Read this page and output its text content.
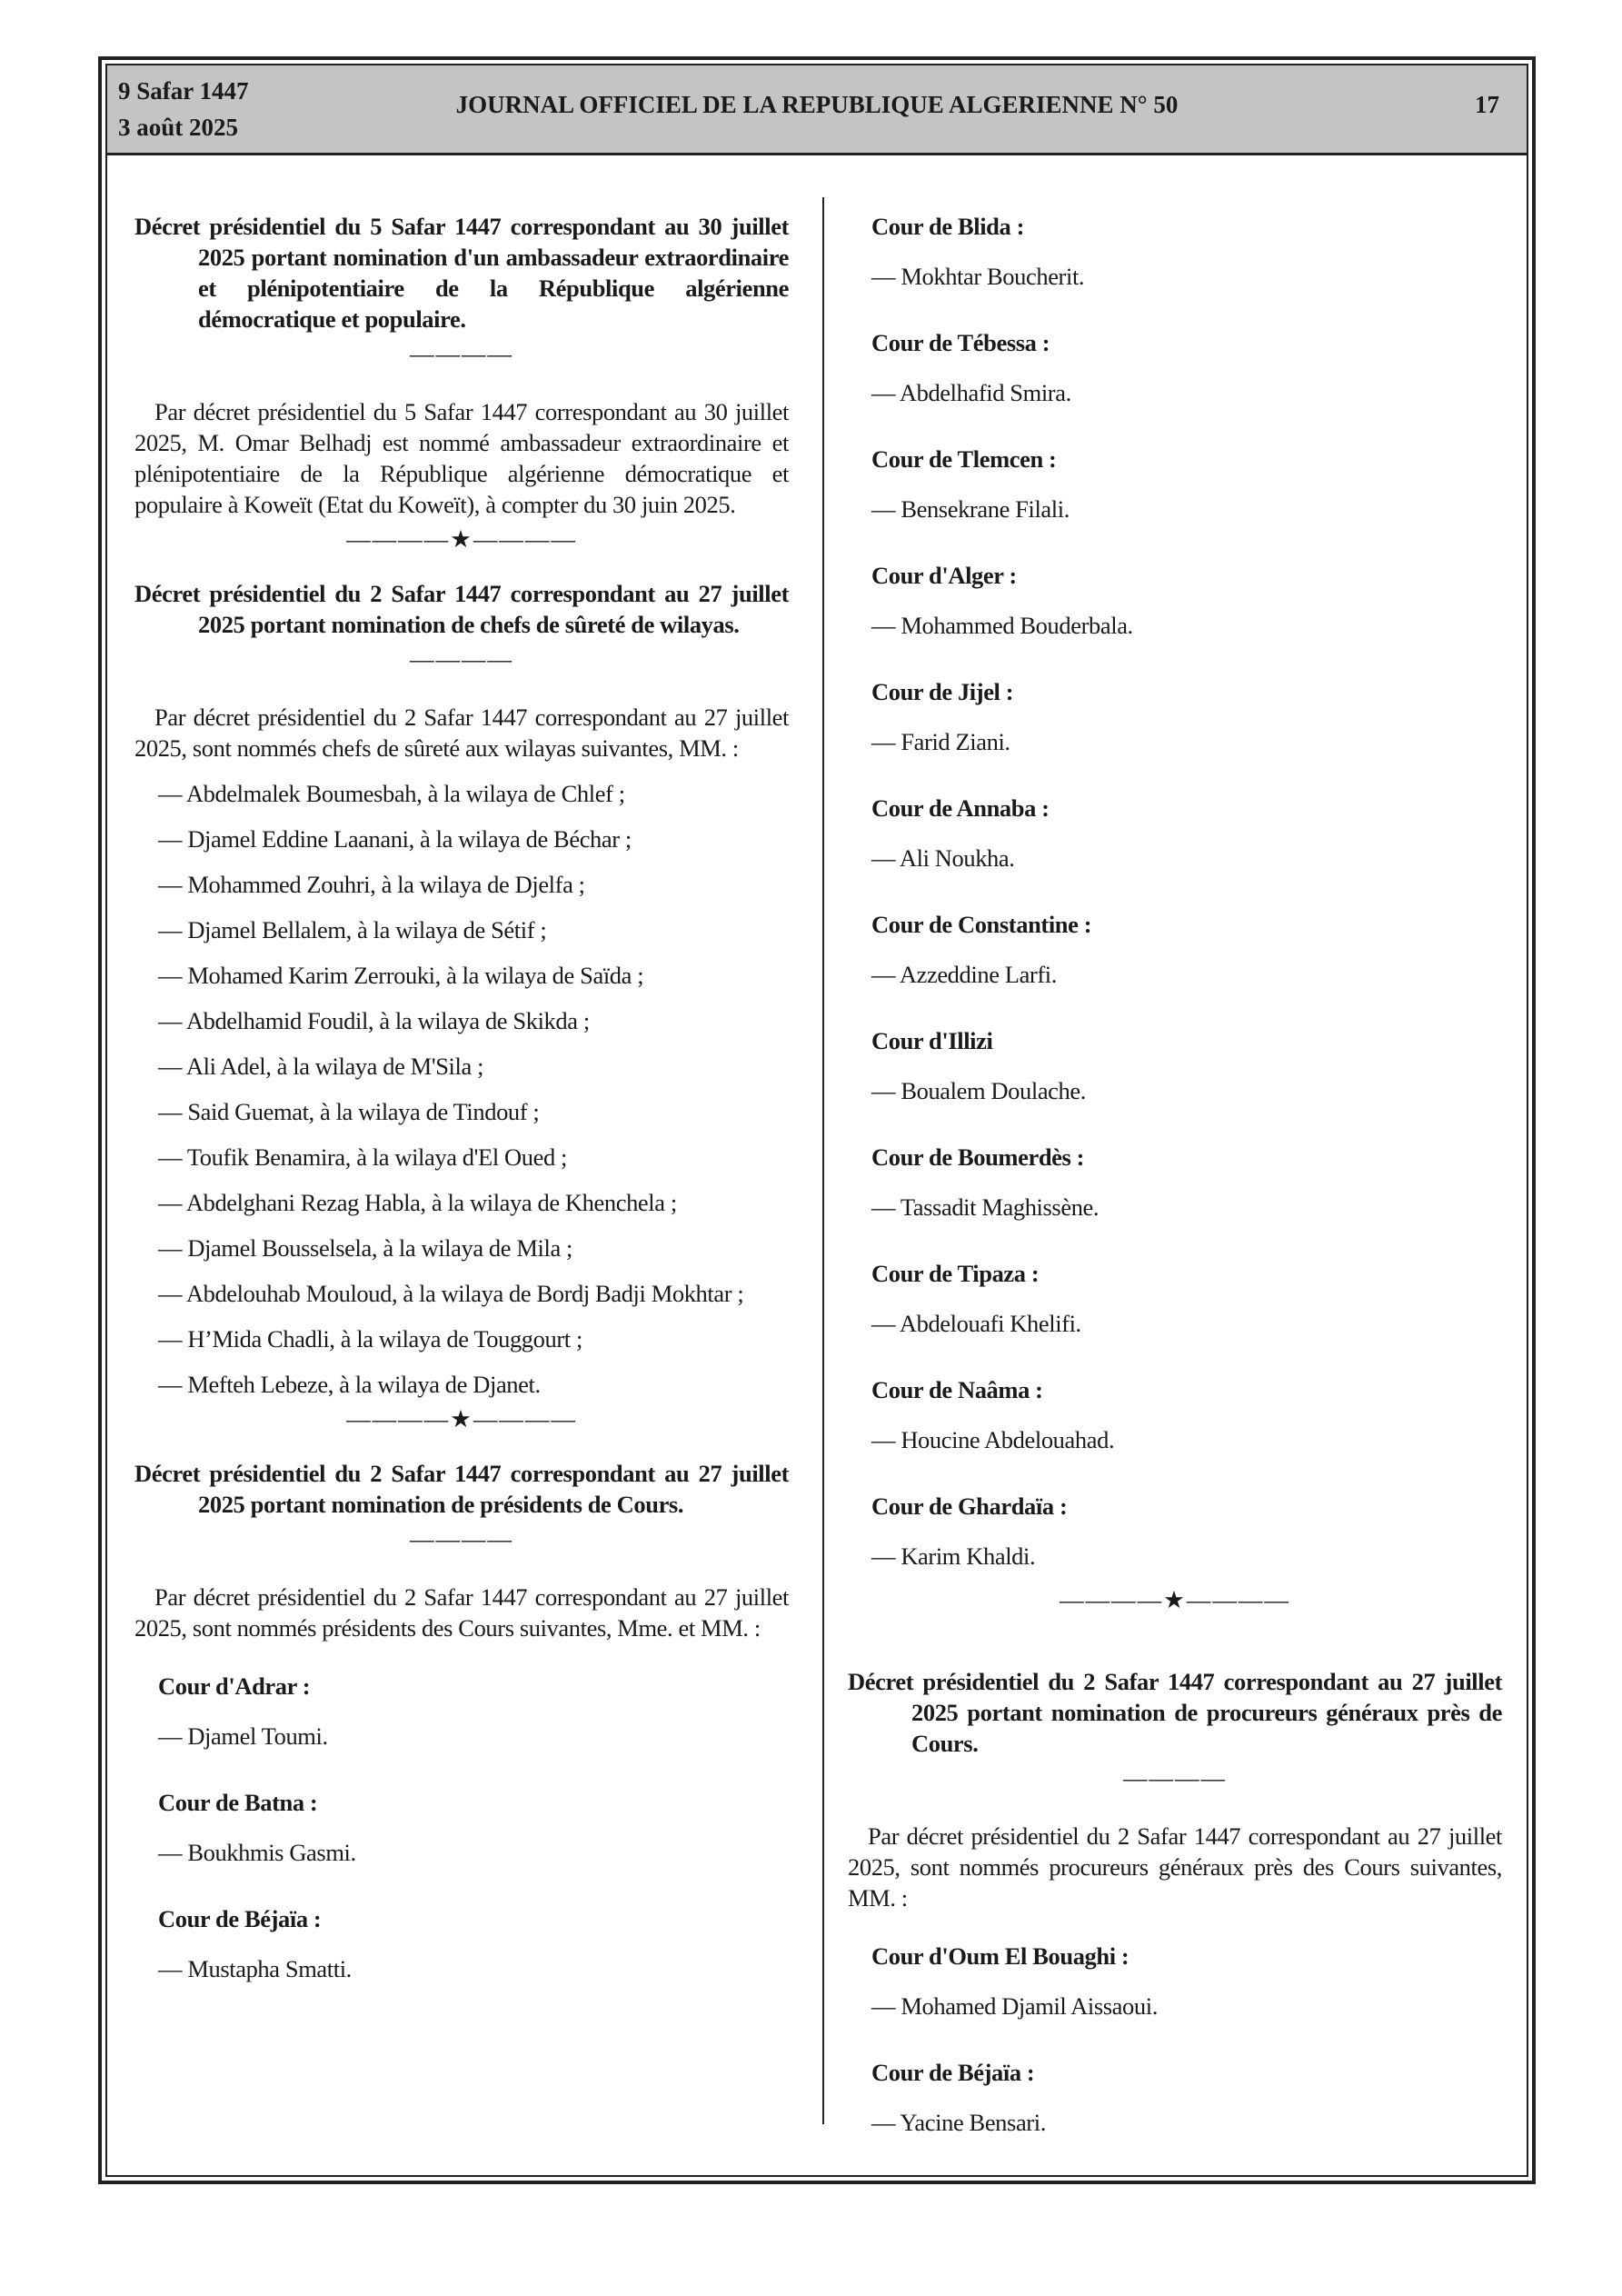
9 Safar 1447
3 août 2025
JOURNAL OFFICIEL DE LA REPUBLIQUE ALGERIENNE N° 50	17

Décret présidentiel du 5 Safar 1447 correspondant au 30 juillet 2025 portant nomination d'un ambassadeur extraordinaire et plénipotentiaire de la République algérienne démocratique et populaire.

————

Par décret présidentiel du 5 Safar 1447 correspondant au 30 juillet 2025, M. Omar Belhadj est nommé ambassadeur extraordinaire et plénipotentiaire de la République algérienne démocratique et populaire à Koweït (Etat du Koweït), à compter du 30 juin 2025.

————★————

Décret présidentiel du 2 Safar 1447 correspondant au 27 juillet 2025 portant nomination de chefs de sûreté de wilayas.

————

Par décret présidentiel du 2 Safar 1447 correspondant au 27 juillet 2025, sont nommés chefs de sûreté aux wilayas suivantes, MM. :

— Abdelmalek Boumesbah, à la wilaya de Chlef ;
— Djamel Eddine Laanani, à la wilaya de Béchar ;
— Mohammed Zouhri, à la wilaya de Djelfa ;
— Djamel Bellalem, à la wilaya de Sétif ;
— Mohamed Karim Zerrouki, à la wilaya de Saïda ;
— Abdelhamid Foudil, à la wilaya de Skikda ;
— Ali Adel, à la wilaya de M'Sila ;
— Said Guemat, à la wilaya de Tindouf ;
— Toufik Benamira, à la wilaya d'El Oued ;
— Abdelghani Rezag Habla, à la wilaya de Khenchela ;
— Djamel Bousselsela, à la wilaya de Mila ;
— Abdelouhab Mouloud, à la wilaya de Bordj Badji Mokhtar ;
— H’Mida Chadli, à la wilaya de Touggourt ;
— Mefteh Lebeze, à la wilaya de Djanet.
————★————

Décret présidentiel du 2 Safar 1447 correspondant au 27 juillet 2025 portant nomination de présidents de Cours.

————

Par décret présidentiel du 2 Safar 1447 correspondant au 27 juillet 2025, sont nommés présidents des Cours suivantes, Mme. et MM. :

Cour d'Adrar :
— Djamel Toumi.
Cour de Batna :
— Boukhmis Gasmi.
Cour de Béjaïa :
— Mustapha Smatti.
Cour de Blida :
— Mokhtar Boucherit.
Cour de Tébessa :
— Abdelhafid Smira.
Cour de Tlemcen :
— Bensekrane Filali.
Cour d'Alger :
— Mohammed Bouderbala.
Cour de Jijel :
— Farid Ziani.
Cour de Annaba :
— Ali Noukha.
Cour de Constantine :
— Azzeddine Larfi.
Cour d'Illizi
— Boualem Doulache.
Cour de Boumerdès :
— Tassadit Maghissène.
Cour de Tipaza :
— Abdelouafi Khelifi.
Cour de Naâma :
— Houcine Abdelouahad.
Cour de Ghardaïa :
— Karim Khaldi.
————★————

Décret présidentiel du 2 Safar 1447 correspondant au 27 juillet 2025 portant nomination de procureurs généraux près de Cours.

————

Par décret présidentiel du 2 Safar 1447 correspondant au 27 juillet 2025, sont nommés procureurs généraux près des Cours suivantes, MM. :

Cour d'Oum El Bouaghi :
— Mohamed Djamil Aissaoui.
Cour de Béjaïa :
— Yacine Bensari.
